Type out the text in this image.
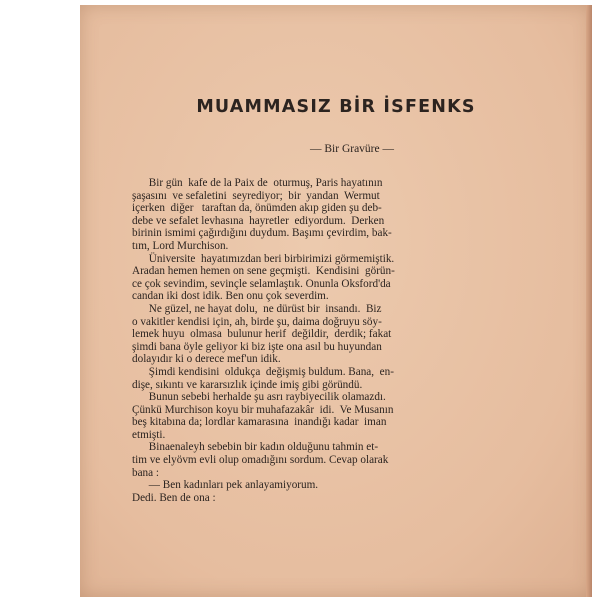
MUAMMASIZ BİR İSFENKS
— Bir Gravüre —
Bir gün  kafe de la Paix de  oturmuş, Paris hayatının
şaşasını  ve sefaletini  seyrediyor;  bir  yandan  Wermut
içerken  diğer   taraftan da, önümden akıp giden şu deb-
debe ve sefalet levhasına  hayretler  ediyordum.  Derken
birinin ismimi çağırdığını duydum. Başımı çevirdim, bak-
tım, Lord Murchison.
Üniversite  hayatımızdan beri birbirimizi görmemiştik.
Aradan hemen hemen on sene geçmişti.  Kendisini  görün-
ce çok sevindim, sevinçle selamlaştık. Onunla Oksford'da
candan iki dost idik. Ben onu çok severdim.
Ne güzel, ne hayat dolu,  ne dürüst bir  insandı.  Biz
o vakitler kendisi için, ah, birde şu, daima doğruyu söy-
lemek huyu  olmasa  bulunur herif  değildir,  derdik; fakat
şimdi bana öyle geliyor ki biz işte ona asıl bu huyundan
dolayıdır ki o derece mef'un idik.
Şimdi kendisini  oldukça  değişmiş buldum. Bana,  en-
dişe, sıkıntı ve kararsızlık içinde imiş gibi göründü.
Bunun sebebi herhalde şu asrı raybiyecilik olamazdı.
Çünkü Murchison koyu bir muhafazakâr  idi.  Ve Musanın
beş kitabına da; lordlar kamarasına  inandığı kadar  iman
etmişti.
Binaenaleyh sebebin bir kadın olduğunu tahmin et-
tim ve elyövm evli olup omadığını sordum. Cevap olarak
bana :
— Ben kadınları pek anlayamiyorum.
Dedi. Ben de ona :
